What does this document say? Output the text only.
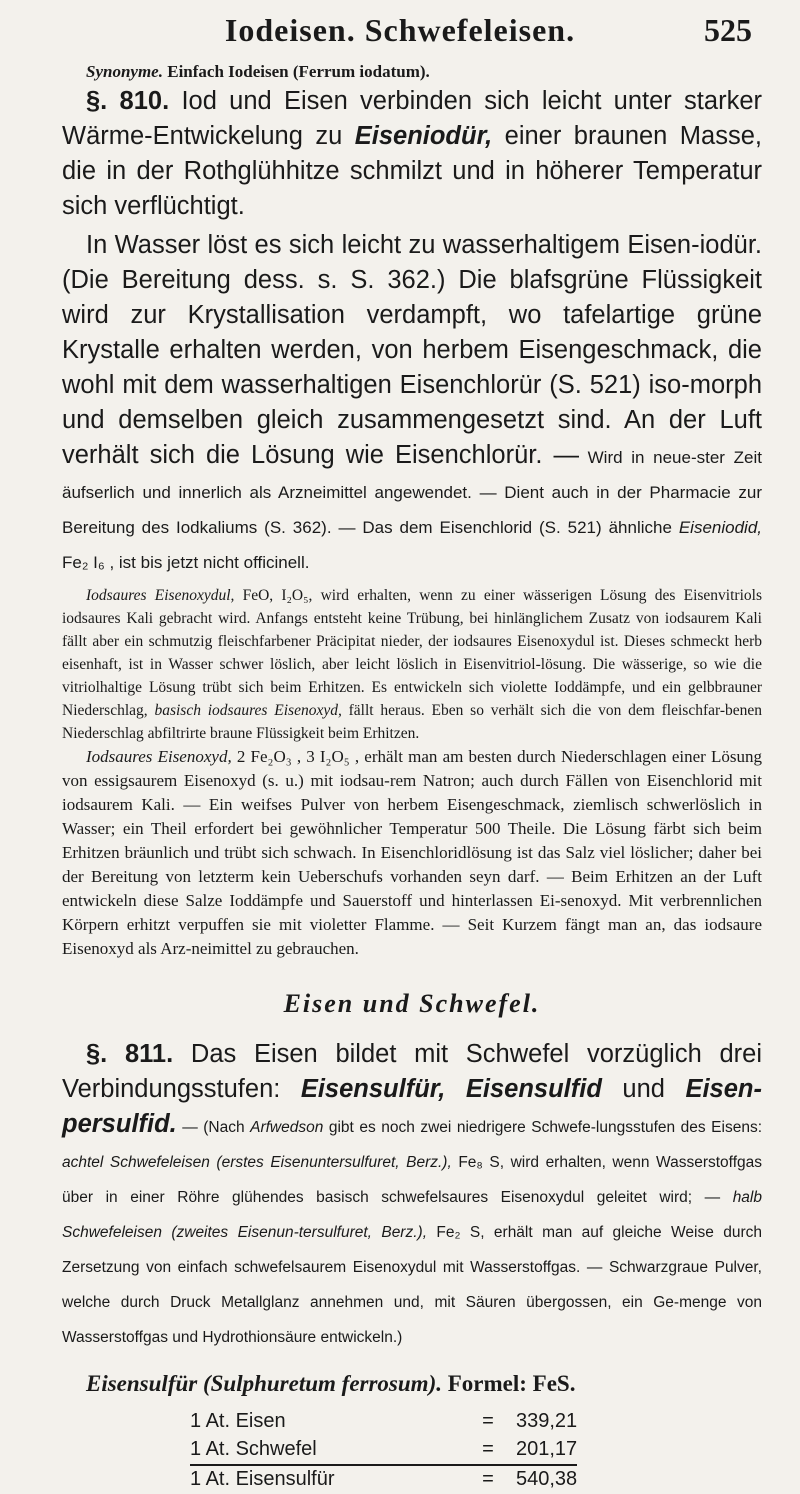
Iodeisen. Schwefeleisen.	525

Synonyme. Einfach Iodeisen (Ferrum iodatum).

§. 810. Iod und Eisen verbinden sich leicht unter starker Wärme-Entwickelung zu Eiseniodür, einer braunen Masse, die in der Rothglühhitze schmilzt und in höherer Temperatur sich verflüchtigt.

In Wasser löst es sich leicht zu wasserhaltigem Eisen-iodür. (Die Bereitung dess. s. S. 362.) Die blafsgrüne Flüssigkeit wird zur Krystallisation verdampft, wo tafelartige grüne Krystalle erhalten werden, von herbem Eisengeschmack, die wohl mit dem wasserhaltigen Eisenchlorür (S. 521) iso-morph und demselben gleich zusammengesetzt sind. An der Luft verhält sich die Lösung wie Eisenchlorür. — Wird in neue-ster Zeit äufserlich und innerlich als Arzneimittel angewendet. — Dient auch in der Pharmacie zur Bereitung des Iodkaliums (S. 362). — Das dem Eisenchlorid (S. 521) ähnliche Eiseniodid, Fe₂ I₆ , ist bis jetzt nicht officinell.

Iodsaures Eisenoxydul, FeO, I₂O₅, wird erhalten, wenn zu einer wässerigen Lösung des Eisenvitriols iodsaures Kali gebracht wird. Anfangs entsteht keine Trübung, bei hinlänglichem Zusatz von iodsaurem Kali fällt aber ein schmutzig fleischfarbener Präcipitat nieder, der iodsaures Eisenoxydul ist. Dieses schmeckt herb eisenhaft, ist in Wasser schwer löslich, aber leicht löslich in Eisenvitriol-lösung. Die wässerige, so wie die vitriolhaltige Lösung trübt sich beim Erhitzen. Es entwickeln sich violette Ioddämpfe, und ein gelbbrauner Niederschlag, basisch iodsaures Eisenoxyd, fällt heraus. Eben so verhält sich die von dem fleischfar-benen Niederschlag abfiltrirte braune Flüssigkeit beim Erhitzen.

Iodsaures Eisenoxyd, 2 Fe₂O₃ , 3 I₂O₅ , erhält man am besten durch Niederschlagen einer Lösung von essigsaurem Eisenoxyd (s. u.) mit iodsau-rem Natron; auch durch Fällen von Eisenchlorid mit iodsaurem Kali. — Ein weifses Pulver von herbem Eisengeschmack, ziemlisch schwerlöslich in Wasser; ein Theil erfordert bei gewöhnlicher Temperatur 500 Theile. Die Lösung färbt sich beim Erhitzen bräunlich und trübt sich schwach. In Eisenchloridlösung ist das Salz viel löslicher; daher bei der Bereitung von letzterm kein Ueberschufs vorhanden seyn darf. — Beim Erhitzen an der Luft entwickeln diese Salze Ioddämpfe und Sauerstoff und hinterlassen Ei-senoxyd. Mit verbrennlichen Körpern erhitzt verpuffen sie mit violetter Flamme. — Seit Kurzem fängt man an, das iodsaure Eisenoxyd als Arz-neimittel zu gebrauchen.

Eisen und Schwefel.

§. 811. Das Eisen bildet mit Schwefel vorzüglich drei Verbindungsstufen: Eisensulfür, Eisensulfid und Eisen-persulfid. — (Nach Arfwedson gibt es noch zwei niedrigere Schwefe-lungsstufen des Eisens: achtel Schwefeleisen (erstes Eisenuntersulfuret, Berz.), Fe₈ S, wird erhalten, wenn Wasserstoffgas über in einer Röhre glühendes basisch schwefelsaures Eisenoxydul geleitet wird; — halb Schwefeleisen (zweites Eisenun-tersulfuret, Berz.), Fe₂ S, erhält man auf gleiche Weise durch Zersetzung von einfach schwefelsaurem Eisenoxydul mit Wasserstoffgas. — Schwarzgraue Pulver, welche durch Druck Metallglanz annehmen und, mit Säuren übergossen, ein Ge-menge von Wasserstoffgas und Hydrothionsäure entwickeln.)

Eisensulfür (Sulphuretum ferrosum). Formel: FeS.

1 At. Eisen	=	339,21
1 At. Schwefel	=	201,17
1 At. Eisensulfür	=	540,38
